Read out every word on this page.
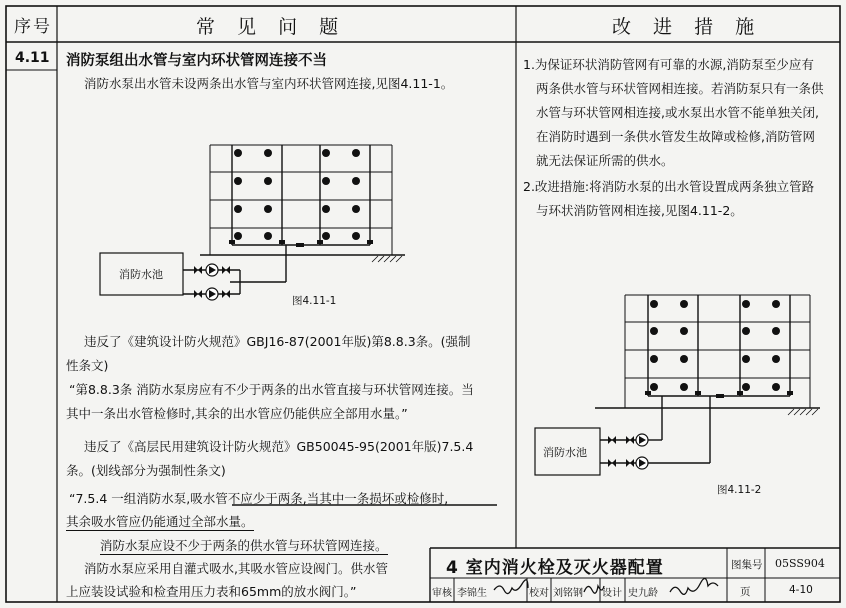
序号	常 见 问 题	改 进 措 施
4.11 消防泵组出水管与室内环状管网连接不当
消防水泵出水管未设两条出水管与室内环状管网连接,见图4.11-1。
消防水池
图4.11-1
违反了《建筑设计防火规范》GBJ16-87(2001年版)第8.8.3条。(强制
性条文)
“第8.8.3条 消防水泵房应有不少于两条的出水管直接与环状管网连接。当
其中一条出水管检修时,其余的出水管应仍能供应全部用水量。”
违反了《高层民用建筑设计防火规范》GB50045-95(2001年版)7.5.4
条。(划线部分为强制性条文)
“7.5.4 一组消防水泵,吸水管不应少于两条,当其中一条损坏或检修时,
其余吸水管应仍能通过全部水量。
消防水泵应设不少于两条的供水管与环状管网连接。
消防水泵应采用自灌式吸水,其吸水管应设阀门。供水管
上应装设试验和检查用压力表和65mm的放水阀门。”
1.为保证环状消防管网有可靠的水源,消防泵至少应有
两条供水管与环状管网相连接。若消防泵只有一条供
水管与环状管网相连接,或水泵出水管不能单独关闭,
在消防时遇到一条供水管发生故障或检修,消防管网
就无法保证所需的供水。
2.改进措施:将消防水泵的出水管设置成两条独立管路
与环状消防管网相连接,见图4.11-2。
消防水池
图4.11-2
4 室内消火栓及灭火器配置	图集号 05SS904
页	4-10
审核 李锦生	校对 刘铭钢 设计 史九龄
